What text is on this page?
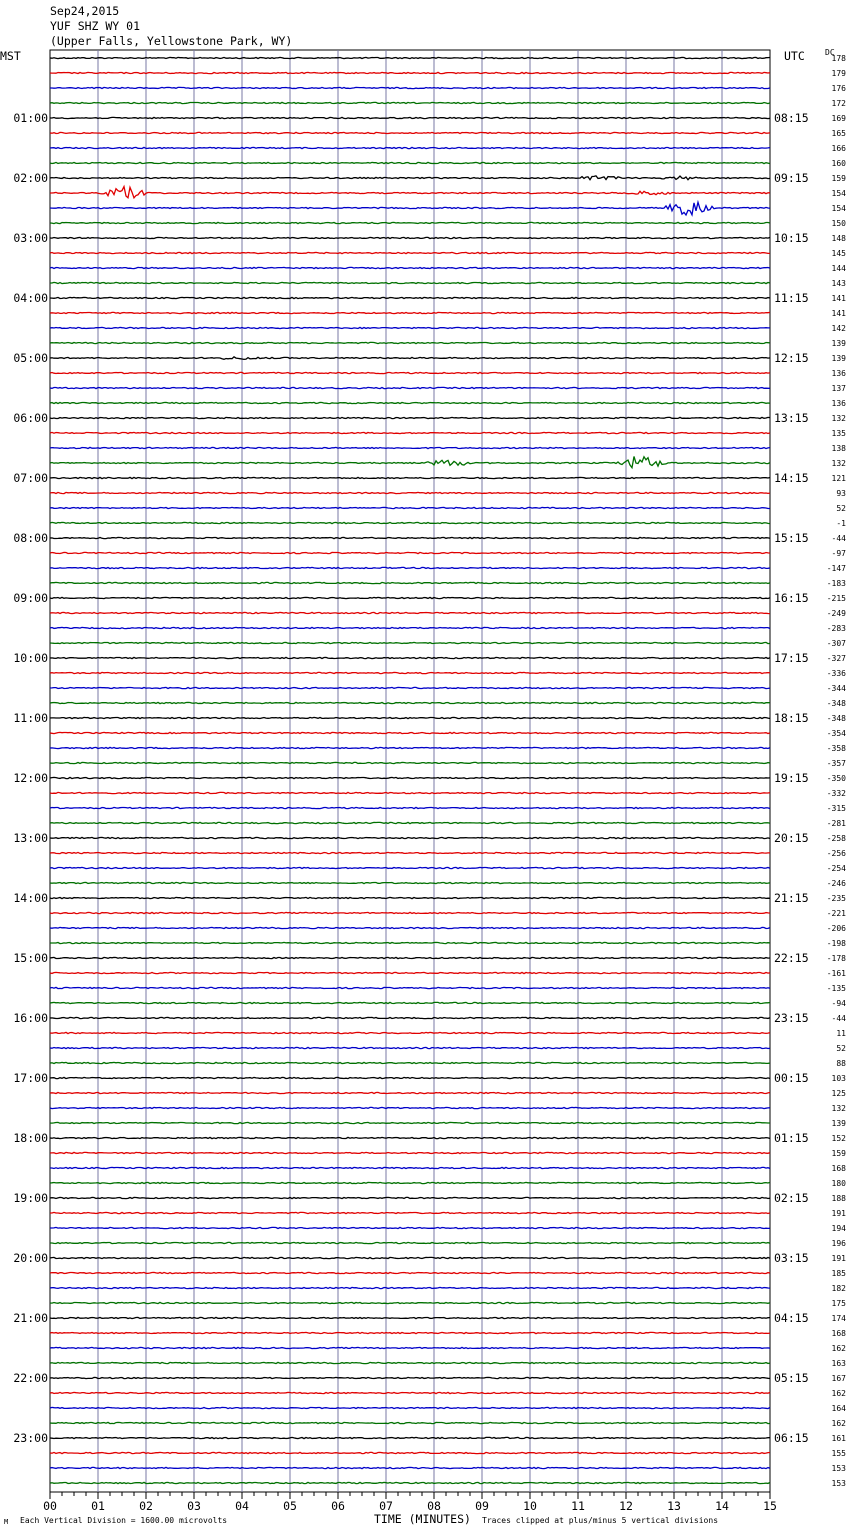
Sep24,2015
YUF SHZ WY 01
(Upper Falls, Yellowstone Park, WY)
MST	UTC	DC
178
179
176
172
169
165
166
160
159
154
154
150
148
145
144
143
141
141
142
139
139
136
137
136
132
135
138
132
121
93
52
-1
-44
-97
-147
-183
-215
-249
-283
-307
-327
-336
-344
-348
-348
-354
-358
-357
-350
-332
-315
-281
-258
-256
-254
-246
-235
-221
-206
-198
-178
-161
-135
-94
-44
11
52
88
103
125
132
139
152
159
168
180
188
191
194
196
191
185
182
175
174
168
162
163
167
162
164
162
161
155
153
153
01:00
02:00
03:00
04:00
05:00
06:00
07:00
08:00
09:00
10:00
11:00
12:00
13:00
14:00
15:00
16:00
17:00
18:00
19:00
20:00
21:00
22:00
23:00
08:15
09:15
10:15
11:15
12:15
13:15
14:15
15:15
16:15
17:15
18:15
19:15
20:15
21:15
22:15
23:15
00:15
01:15
02:15
03:15
04:15
05:15
06:15
00	01	02	03	04	05	06	07	08	09	10	11	12	13	14	15
M Each Vertical Division = 1600.00 microvolts	TIME (MINUTES) Traces clipped at plus/minus 5 vertical divisions
